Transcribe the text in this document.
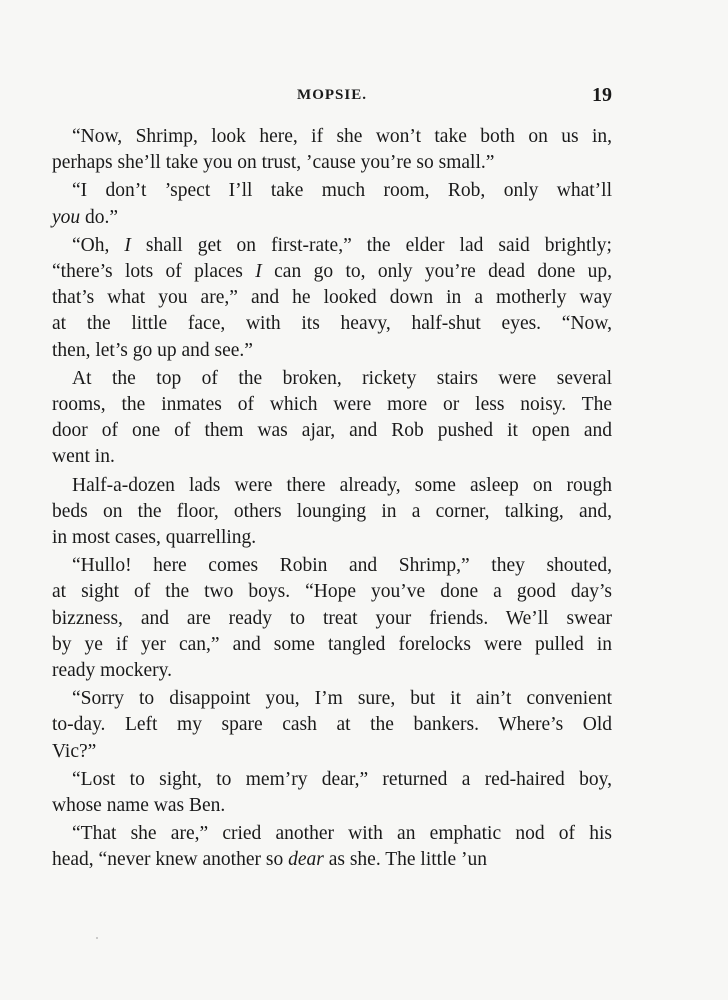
MOPSIE.	19
“Now, Shrimp, look here, if she won’t take both on us in,
perhaps she’ll take you on trust, ’cause you’re so small.”
“I don’t ’spect I’ll take much room, Rob, only what’ll
you do.”
“Oh, I shall get on first-rate,” the elder lad said brightly;
“there’s lots of places I can go to, only you’re dead done up,
that’s what you are,” and he looked down in a motherly way
at the little face, with its heavy, half-shut eyes. “Now,
then, let’s go up and see.”
At the top of the broken, rickety stairs were several
rooms, the inmates of which were more or less noisy. The
door of one of them was ajar, and Rob pushed it open and
went in.
Half-a-dozen lads were there already, some asleep on rough
beds on the floor, others lounging in a corner, talking, and,
in most cases, quarrelling.
“Hullo! here comes Robin and Shrimp,” they shouted,
at sight of the two boys. “Hope you’ve done a good day’s
bizzness, and are ready to treat your friends. We’ll swear
by ye if yer can,” and some tangled forelocks were pulled in
ready mockery.
“Sorry to disappoint you, I’m sure, but it ain’t convenient
to-day. Left my spare cash at the bankers. Where’s Old
Vic?”
“Lost to sight, to mem’ry dear,” returned a red-haired boy,
whose name was Ben.
“That she are,” cried another with an emphatic nod of his
head, “never knew another so dear as she. The little ’un
